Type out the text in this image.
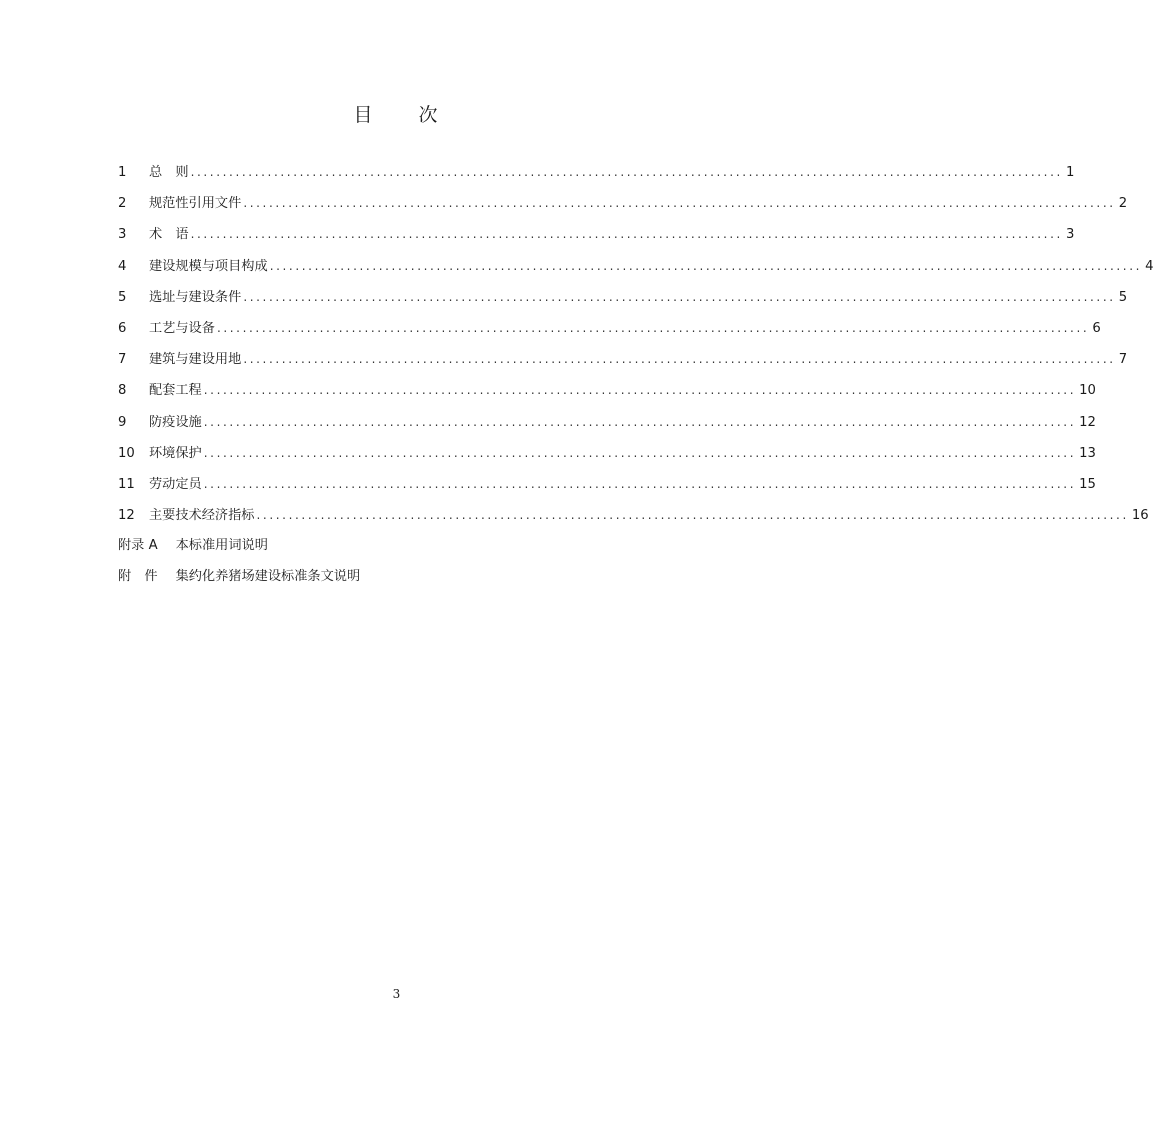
目 次
1	总　则 ........................................................................................................................................ 1
2	规范性引用文件 ........................................................................................................................................ 2
3	术　语 ........................................................................................................................................ 3
4	建设规模与项目构成 ........................................................................................................................................ 4
5	选址与建设条件 ........................................................................................................................................ 5
6	工艺与设备 ........................................................................................................................................ 6
7	建筑与建设用地 ........................................................................................................................................ 7
8	配套工程 ........................................................................................................................................ 10
9	防疫设施 ........................................................................................................................................ 12
10	环境保护 ........................................................................................................................................ 13
11	劳动定员 ........................................................................................................................................ 15
12	主要技术经济指标 ........................................................................................................................................ 16
附录 A 本标准用词说明
附　件 集约化养猪场建设标准条文说明
3
